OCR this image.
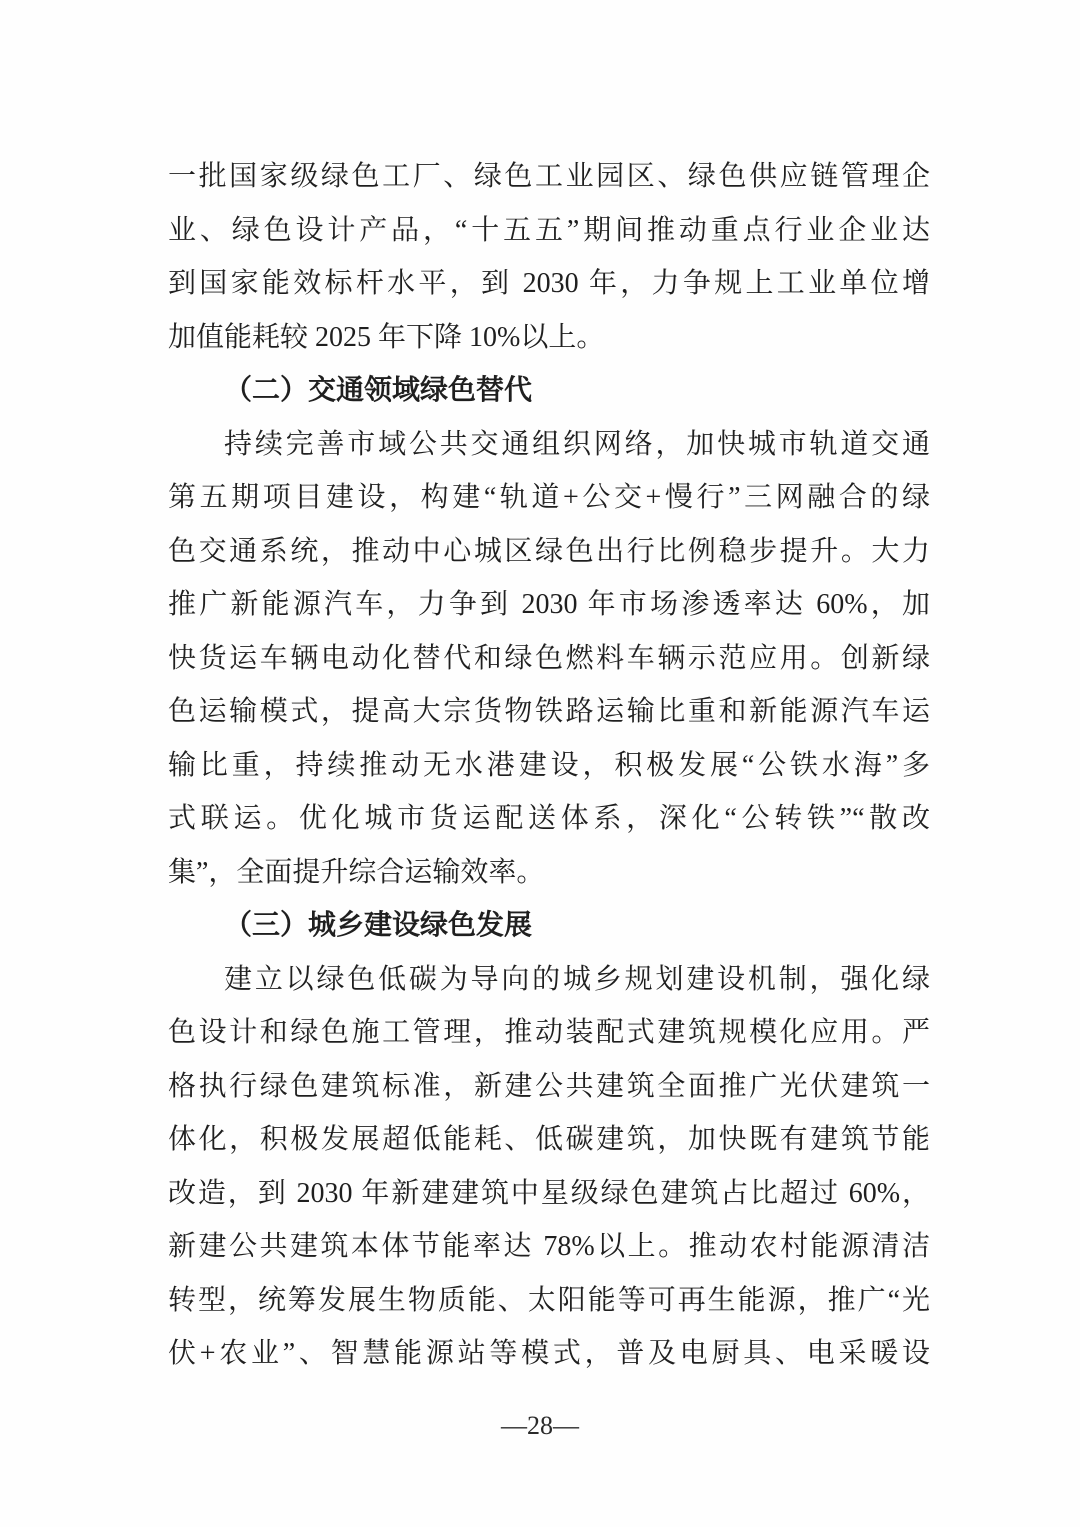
一批国家级绿色工厂、绿色工业园区、绿色供应链管理企
业、绿色设计产品，“十五五”期间推动重点行业企业达
到国家能效标杆水平，到 2030 年，力争规上工业单位增
加值能耗较 2025 年下降 10%以上。
（二）交通领域绿色替代
持续完善市域公共交通组织网络，加快城市轨道交通
第五期项目建设，构建“轨道+公交+慢行”三网融合的绿
色交通系统，推动中心城区绿色出行比例稳步提升。大力
推广新能源汽车，力争到 2030 年市场渗透率达 60%，加
快货运车辆电动化替代和绿色燃料车辆示范应用。创新绿
色运输模式，提高大宗货物铁路运输比重和新能源汽车运
输比重，持续推动无水港建设，积极发展“公铁水海”多
式联运。优化城市货运配送体系，深化“公转铁”“散改
集”，全面提升综合运输效率。
（三）城乡建设绿色发展
建立以绿色低碳为导向的城乡规划建设机制，强化绿
色设计和绿色施工管理，推动装配式建筑规模化应用。严
格执行绿色建筑标准，新建公共建筑全面推广光伏建筑一
体化，积极发展超低能耗、低碳建筑，加快既有建筑节能
改造，到 2030 年新建建筑中星级绿色建筑占比超过 60%，
新建公共建筑本体节能率达 78%以上。推动农村能源清洁
转型，统筹发展生物质能、太阳能等可再生能源，推广“光
伏+农业”、智慧能源站等模式，普及电厨具、电采暖设
—28—
